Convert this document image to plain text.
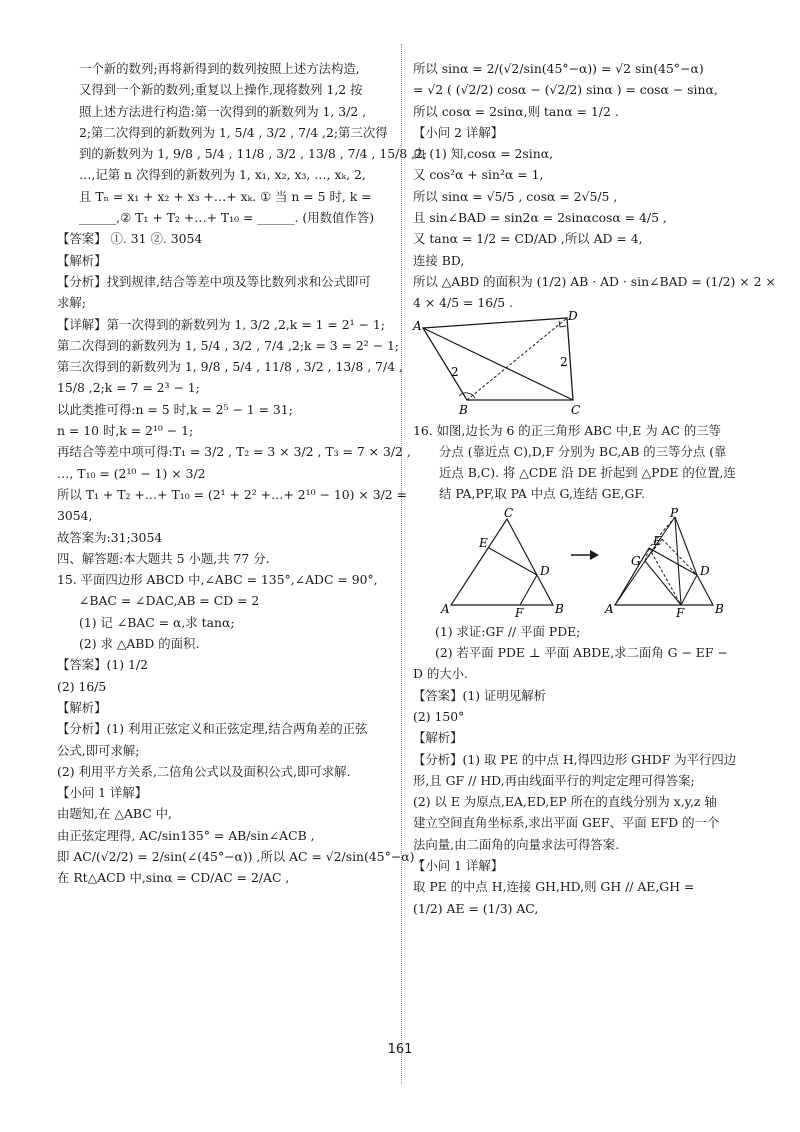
一个新的数列;再将新得到的数列按照上述方法构造,
又得到一个新的数列;重复以上操作,现将数列 1,2 按
照上述方法进行构造:第一次得到的新数列为 1, 3/2 ,
2;第二次得到的新数列为 1, 5/4 , 3/2 , 7/4 ,2;第三次得
到的新数列为 1, 9/8 , 5/4 , 11/8 , 3/2 , 13/8 , 7/4 , 15/8 ,2;
…,记第 n 次得到的新数列为 1, x₁, x₂, x₃, …, xₖ, 2,
且 Tₙ = x₁ + x₂ + x₃ +…+ xₖ. ① 当 n = 5 时, k =
______,② T₁ + T₂ +…+ T₁₀ = ______. (用数值作答)
【答案】 ①. 31 ②. 3054
【解析】
【分析】找到规律,结合等差中项及等比数列求和公式即可
求解;
【详解】第一次得到的新数列为 1, 3/2 ,2,k = 1 = 2¹ − 1;
第二次得到的新数列为 1, 5/4 , 3/2 , 7/4 ,2;k = 3 = 2² − 1;
第三次得到的新数列为 1, 9/8 , 5/4 , 11/8 , 3/2 , 13/8 , 7/4 ,
15/8 ,2;k = 7 = 2³ − 1;
以此类推可得:n = 5 时,k = 2⁵ − 1 = 31;
n = 10 时,k = 2¹⁰ − 1;
再结合等差中项可得:T₁ = 3/2 , T₂ = 3 × 3/2 , T₃ = 7 × 3/2 ,
…, T₁₀ = (2¹⁰ − 1) × 3/2
所以 T₁ + T₂ +…+ T₁₀ = (2¹ + 2² +…+ 2¹⁰ − 10) × 3/2 =
3054,
故答案为:31;3054
四、解答题:本大题共 5 小题,共 77 分.
15. 平面四边形 ABCD 中,∠ABC = 135°,∠ADC = 90°,
∠BAC = ∠DAC,AB = CD = 2
(1) 记 ∠BAC = α,求 tanα;
(2) 求 △ABD 的面积.
【答案】(1) 1/2
(2) 16/5
【解析】
【分析】(1) 利用正弦定义和正弦定理,结合两角差的正弦
公式,即可求解;
(2) 利用平方关系,二倍角公式以及面积公式,即可求解.
【小问 1 详解】
由题知,在 △ABC 中,
由正弦定理得, AC/sin135° = AB/sin∠ACB ,
即 AC/(√2/2) = 2/sin(∠(45°−α)) ,所以 AC = √2/sin(45°−α) ,
在 Rt△ACD 中,sinα = CD/AC = 2/AC ,
所以 sinα = 2/(√2/sin(45°−α)) = √2 sin(45°−α)
= √2 ( (√2/2) cosα − (√2/2) sinα ) = cosα − sinα,
所以 cosα = 2sinα,则 tanα = 1/2 .
【小问 2 详解】
由 (1) 知,cosα = 2sinα,
又 cos²α + sin²α = 1,
所以 sinα = √5/5 , cosα = 2√5/5 ,
且 sin∠BAD = sin2α = 2sinαcosα = 4/5 ,
又 tanα = 1/2 = CD/AD ,所以 AD = 4,
连接 BD,
所以 △ABD 的面积为 (1/2) AB · AD · sin∠BAD = (1/2) × 2 ×
4 × 4/5 = 16/5 .
A
D
B	C
2
2
16. 如图,边长为 6 的正三角形 ABC 中,E 为 AC 的三等
分点 (靠近点 C),D,F 分别为 BC,AB 的三等分点 (靠
近点 B,C). 将 △CDE 沿 DE 折起到 △PDE 的位置,连
结 PA,PF,取 PA 中点 G,连结 GE,GF.
C
E
D
A	F	B
P
E
G
D
A	F	B
(1) 求证:GF // 平面 PDE;
(2) 若平面 PDE ⊥ 平面 ABDE,求二面角 G − EF −
D 的大小.
【答案】(1) 证明见解析
(2) 150°
【解析】
【分析】(1) 取 PE 的中点 H,得四边形 GHDF 为平行四边
形,且 GF // HD,再由线面平行的判定定理可得答案;
(2) 以 E 为原点,EA,ED,EP 所在的直线分别为 x,y,z 轴
建立空间直角坐标系,求出平面 GEF、平面 EFD 的一个
法向量,由二面角的向量求法可得答案.
【小问 1 详解】
取 PE 的中点 H,连接 GH,HD,则 GH // AE,GH =
(1/2) AE = (1/3) AC,
161
